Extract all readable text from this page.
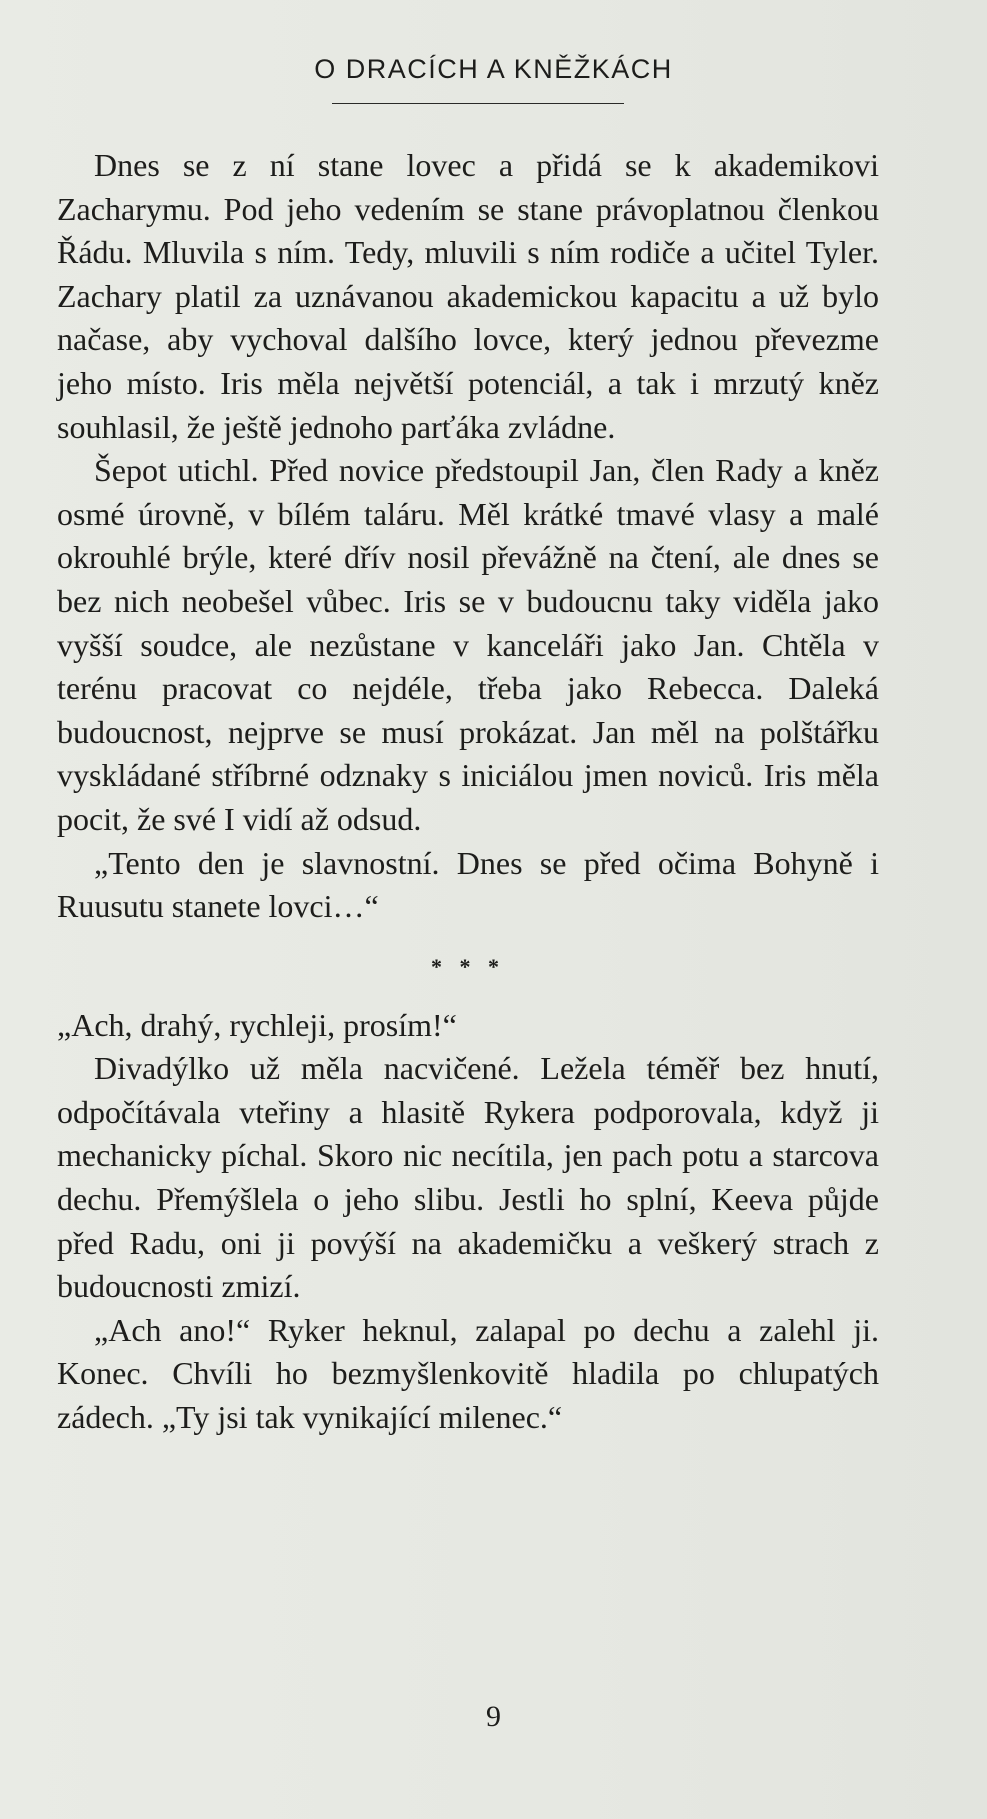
O DRACÍCH A KNĚŽKÁCH

Dnes se z ní stane lovec a přidá se k akademikovi Zacharymu. Pod jeho vedením se stane právoplatnou členkou Řádu. Mluvila s ním. Tedy, mluvili s ním rodiče a učitel Tyler. Zachary platil za uznávanou akademickou kapacitu a už bylo načase, aby vychoval dalšího lovce, který jednou převezme jeho místo. Iris měla největší potenciál, a tak i mrzutý kněz souhlasil, že ještě jednoho parťáka zvládne.

Šepot utichl. Před novice předstoupil Jan, člen Rady a kněz osmé úrovně, v bílém taláru. Měl krátké tmavé vlasy a malé okrouhlé brýle, které dřív nosil převážně na čtení, ale dnes se bez nich neobešel vůbec. Iris se v budoucnu taky viděla jako vyšší soudce, ale nezůstane v kanceláři jako Jan. Chtěla v terénu pracovat co nejdéle, třeba jako Rebecca. Daleká budoucnost, nejprve se musí prokázat. Jan měl na polštářku vyskládané stříbrné odznaky s iniciálou jmen noviců. Iris měla pocit, že své I vidí až odsud.

„Tento den je slavnostní. Dnes se před očima Bohyně i Ruusutu stanete lovci…“

* * *

„Ach, drahý, rychleji, prosím!“

Divadýlko už měla nacvičené. Ležela téměř bez hnutí, odpočítávala vteřiny a hlasitě Rykera podporovala, když ji mechanicky píchal. Skoro nic necítila, jen pach potu a starcova dechu. Přemýšlela o jeho slibu. Jestli ho splní, Keeva půjde před Radu, oni ji povýší na akademičku a veškerý strach z budoucnosti zmizí.

„Ach ano!“ Ryker heknul, zalapal po dechu a zalehl ji. Konec. Chvíli ho bezmyšlenkovitě hladila po chlupatých zádech. „Ty jsi tak vynikající milenec.“

9
